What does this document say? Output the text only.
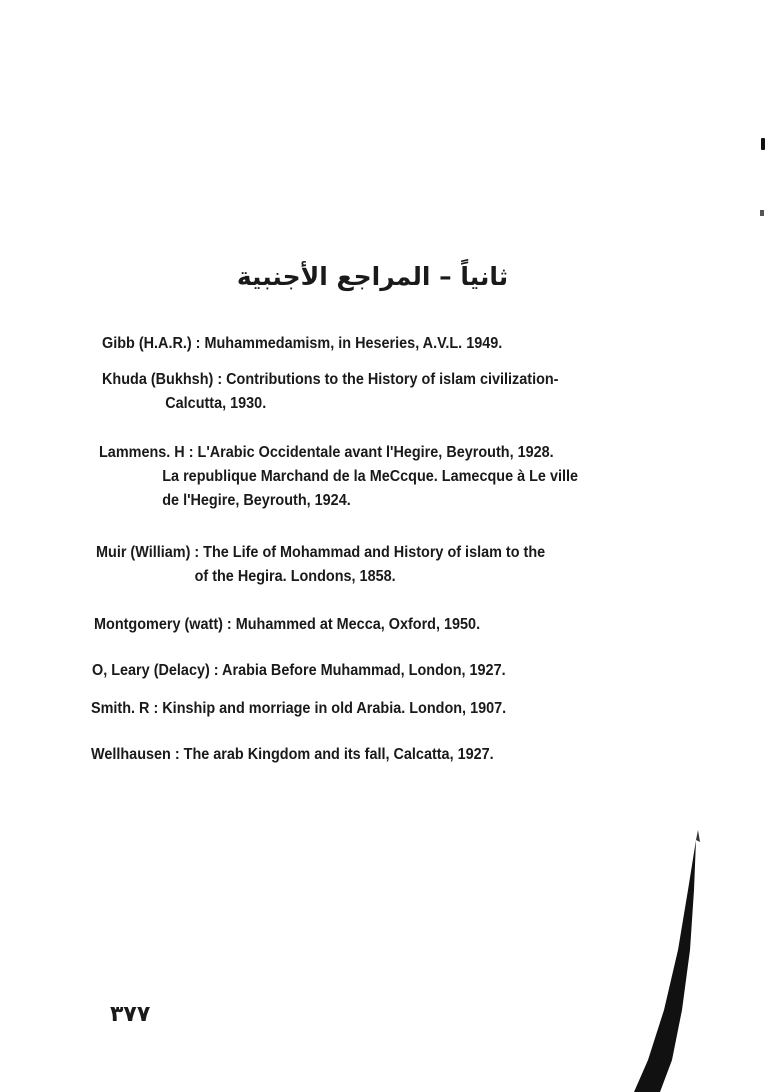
ثانياً – المراجع الأجنبية
Gibb (H.A.R.) : Muhammedamism, in Heseries, A.V.L. 1949.
Khuda (Bukhsh) : Contributions to the History of islam civilization-
Calcutta, 1930.
Lammens. H : L'Arabic Occidentale avant l'Hegire, Beyrouth, 1928.
La republique Marchand de la MeCcque. Lamecque à Le ville
de l'Hegire, Beyrouth, 1924.
Muir (William) : The Life of Mohammad and History of islam to the
of the Hegira. Londons, 1858.
Montgomery (watt) : Muhammed at Mecca, Oxford, 1950.
O, Leary (Delacy) : Arabia Before Muhammad, London, 1927.
Smith. R : Kinship and morriage in old Arabia. London, 1907.
Wellhausen : The arab Kingdom and its fall, Calcatta, 1927.
٣٧٧
